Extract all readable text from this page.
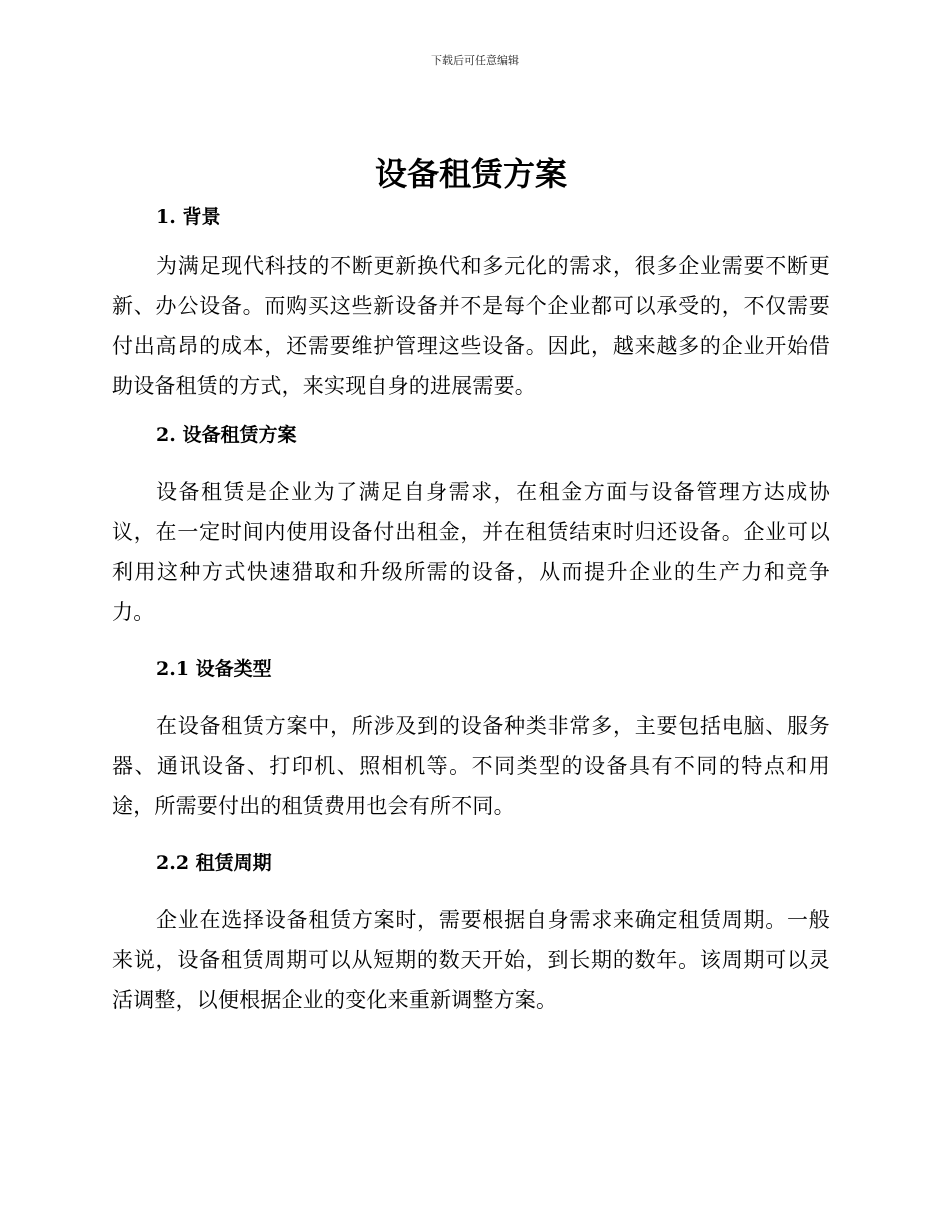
下载后可任意编辑
设备租赁方案
1. 背景

为满足现代科技的不断更新换代和多元化的需求，很多企业需要不断更新、办公设备。而购买这些新设备并不是每个企业都可以承受的，不仅需要付出高昂的成本，还需要维护管理这些设备。因此，越来越多的企业开始借助设备租赁的方式，来实现自身的进展需要。

2. 设备租赁方案

设备租赁是企业为了满足自身需求，在租金方面与设备管理方达成协议，在一定时间内使用设备付出租金，并在租赁结束时归还设备。企业可以利用这种方式快速猎取和升级所需的设备，从而提升企业的生产力和竞争力。

2.1 设备类型

在设备租赁方案中，所涉及到的设备种类非常多，主要包括电脑、服务器、通讯设备、打印机、照相机等。不同类型的设备具有不同的特点和用途，所需要付出的租赁费用也会有所不同。

2.2 租赁周期

企业在选择设备租赁方案时，需要根据自身需求来确定租赁周期。一般来说，设备租赁周期可以从短期的数天开始，到长期的数年。该周期可以灵活调整，以便根据企业的变化来重新调整方案。
